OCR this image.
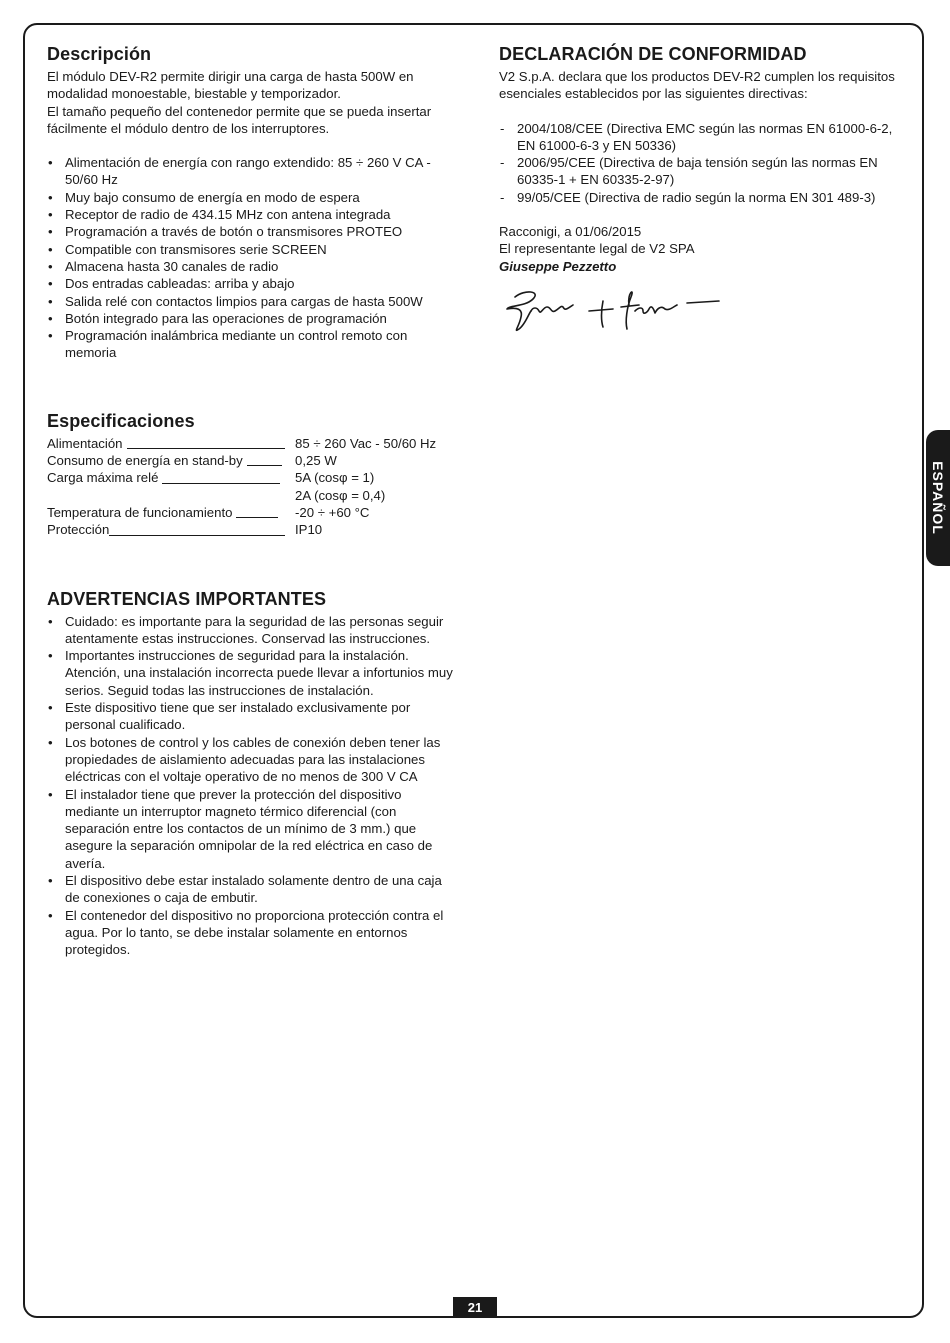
Descripción

El módulo DEV-R2 permite dirigir una carga de hasta 500W en modalidad monoestable, biestable y temporizador.

El tamaño pequeño del contenedor permite que se pueda insertar fácilmente el módulo dentro de los interruptores.

• Alimentación de energía con rango extendido: 85 ÷ 260 V CA - 50/60 Hz
• Muy bajo consumo de energía en modo de espera
• Receptor de radio de 434.15 MHz con antena integrada
• Programación a través de botón o transmisores PROTEO
• Compatible con transmisores serie SCREEN
• Almacena hasta 30 canales de radio
• Dos entradas cableadas: arriba y abajo
• Salida relé con contactos limpios para cargas de hasta 500W
• Botón integrado para las operaciones de programación
• Programación inalámbrica mediante un control remoto con memoria
Especificaciones
Alimentación	85 ÷ 260 Vac - 50/60 Hz
Consumo de energía en stand-by	0,25 W
Carga máxima relé	5A (cosφ = 1)
2A (cosφ = 0,4)
Temperatura de funcionamiento	-20 ÷ +60 °C
Protección	IP10
ADVERTENCIAS IMPORTANTES
• Cuidado: es importante para la seguridad de las personas seguir atentamente estas instrucciones. Conservad las instrucciones.
• Importantes instrucciones de seguridad para la instalación. Atención, una instalación incorrecta puede llevar a infortunios muy serios. Seguid todas las instrucciones de instalación.
• Este dispositivo tiene que ser instalado exclusivamente por personal cualificado.
• Los botones de control y los cables de conexión deben tener las propiedades de aislamiento adecuadas para las instalaciones eléctricas con el voltaje operativo de no menos de 300 V CA
• El instalador tiene que prever la protección del dispositivo mediante un interruptor magneto térmico diferencial (con separación entre los contactos de un mínimo de 3 mm.) que asegure la separación omnipolar de la red eléctrica en caso de avería.
• El dispositivo debe estar instalado solamente dentro de una caja de conexiones o caja de embutir.
• El contenedor del dispositivo no proporciona protección contra el agua. Por lo tanto, se debe instalar solamente en entornos protegidos.
DECLARACIÓN DE CONFORMIDAD

V2 S.p.A. declara que los productos DEV-R2 cumplen los requisitos esenciales establecidos por las siguientes directivas:

- 2004/108/CEE (Directiva EMC según las normas EN 61000-6-2, EN 61000-6-3 y EN 50336)
- 2006/95/CEE (Directiva de baja tensión según las normas EN 60335-1 + EN 60335-2-97)
- 99/05/CEE (Directiva de radio según la norma EN 301 489-3)

Racconigi, a 01/06/2015

El representante legal de V2 SPA

Giuseppe Pezzetto

ESPAÑOL
21
